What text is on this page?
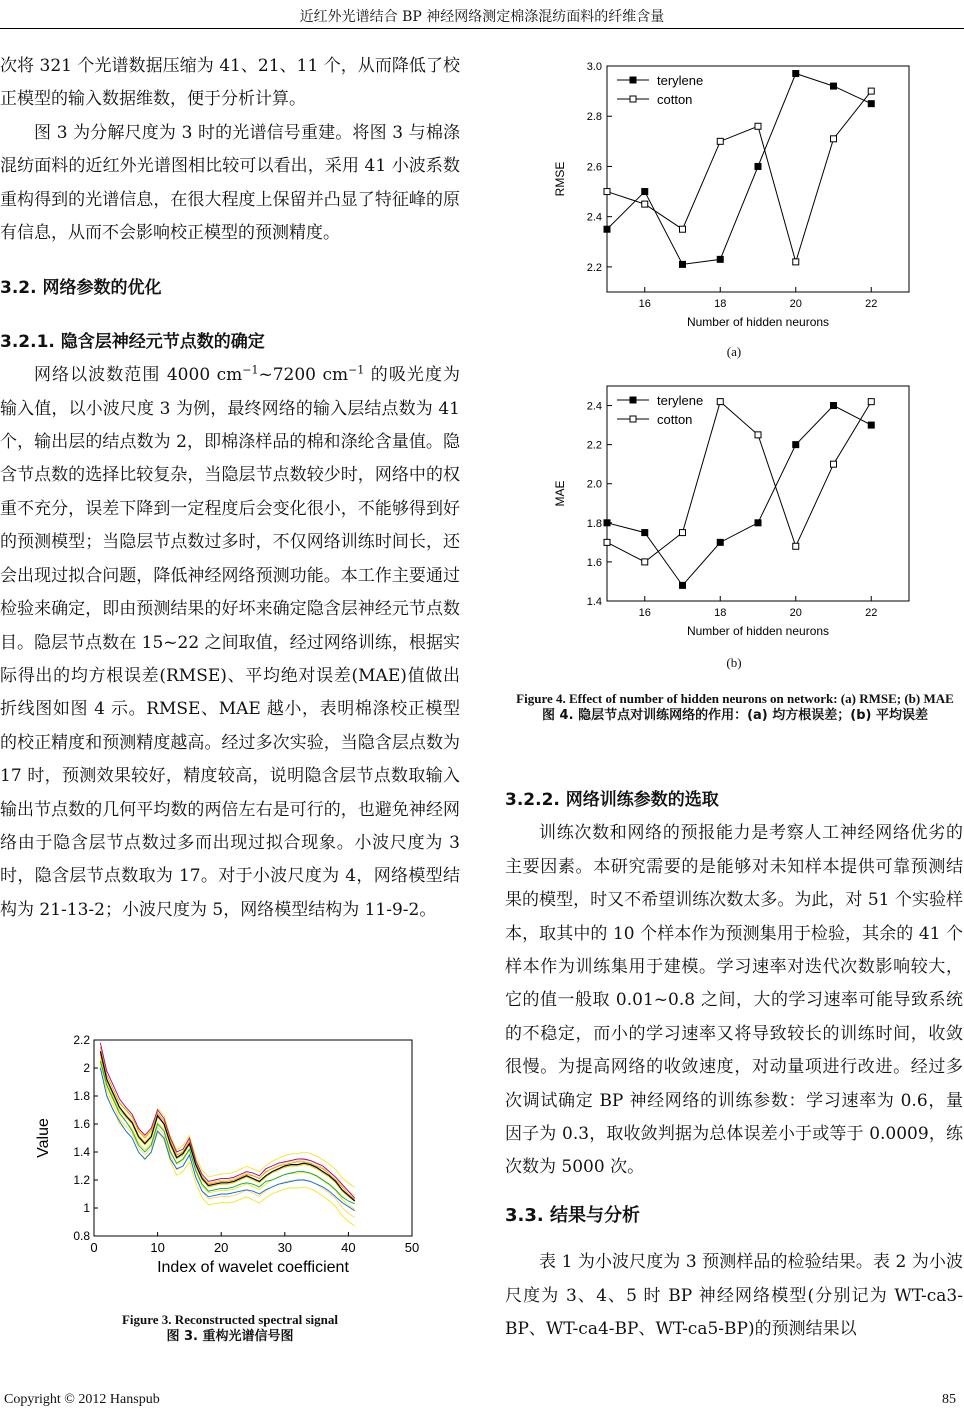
近红外光谱结合 BP 神经网络测定棉涤混纺面料的纤维含量

次将 321 个光谱数据压缩为 41、21、11 个，从而降低了校正模型的输入数据维数，便于分析计算。

图 3 为分解尺度为 3 时的光谱信号重建。将图 3 与棉涤混纺面料的近红外光谱图相比较可以看出，采用 41 小波系数重构得到的光谱信息，在很大程度上保留并凸显了特征峰的原有信息，从而不会影响校正模型的预测精度。

3.2. 网络参数的优化

3.2.1. 隐含层神经元节点数的确定

网络以波数范围 4000 $cm^{-1}\sim 7200$ $cm^{-1}$ 的吸光度为输入值，以小波尺度 3 为例，最终网络的输入层结点数为 41 个，输出层的结点数为 2，即棉涤样品的棉和涤纶含量值。隐含节点数的选择比较复杂，当隐层节点数较少时，网络中的权重不充分，误差下降到一定程度后会变化很小，不能够得到好的预测模型；当隐层节点数过多时，不仅网络训练时间长，还会出现过拟合问题，降低神经网络预测功能。本工作主要通过检验来确定，即由预测结果的好坏来确定隐含层神经元节点数目。隐层节点数在 15~22 之间取值，经过网络训练，根据实际得出的均方根误差(RMSE)、平均绝对误差(MAE)值做出折线图如图 4 示。RMSE、MAE 越小，表明棉涤校正模型的校正精度和预测精度越高。经过多次实验，当隐含层点数为 17 时，预测效果较好，精度较高，说明隐含层节点数取输入输出节点数的几何平均数的两倍左右是可行的，也避免神经网络由于隐含层节点数过多而出现过拟合现象。小波尺度为 3 时，隐含层节点数取为 17。对于小波尺度为 4，网络模型结构为 21-13-2；小波尺度为 5，网络模型结构为 11-9-2。

0.8
1
1.2
1.4
1.6
1.8
2
2.2
0	10	20	30	40	50
Index of wavelet coefficient
Value
Figure 3. Reconstructed spectral signal
图 3. 重构光谱信号图
2.2
2.4
2.6
2.8
3.0
16	18	20	22
Number of hidden neurons
RMSE
terylene
cotton
(a)
1.4
1.6
1.8
2.0
2.2
2.4
16	18	20	22
Number of hidden neurons
MAE
terylene
cotton
(b)
Figure 4. Effect of number of hidden neurons on network: (a) RMSE; (b) MAE
图 4. 隐层节点对训练网络的作用：(a) 均方根误差；(b) 平均误差

3.2.2. 网络训练参数的选取

训练次数和网络的预报能力是考察人工神经网络优劣的主要因素。本研究需要的是能够对未知样本提供可靠预测结果的模型，时又不希望训练次数太多。为此，对 51 个实验样本，取其中的 10 个样本作为预测集用于检验，其余的 41 个样本作为训练集用于建模。学习速率对迭代次数影响较大，它的值一般取 0.01~0.8 之间，大的学习速率可能导致系统的不稳定，而小的学习速率又将导致较长的训练时间，收敛很慢。为提高网络的收敛速度，对动量项进行改进。经过多次调试确定 BP 神经网络的训练参数：学习速率为 0.6，量因子为 0.3，取收敛判据为总体误差小于或等于 0.0009，练次数为 5000 次。

3.3. 结果与分析

表 1 为小波尺度为 3 预测样品的检验结果。表 2 为小波尺度为 3、4、5 时 BP 神经网络模型(分别记为 WT-ca3-BP、WT-ca4-BP、WT-ca5-BP)的预测结果以

Copyright © 2012 Hanspub	85
